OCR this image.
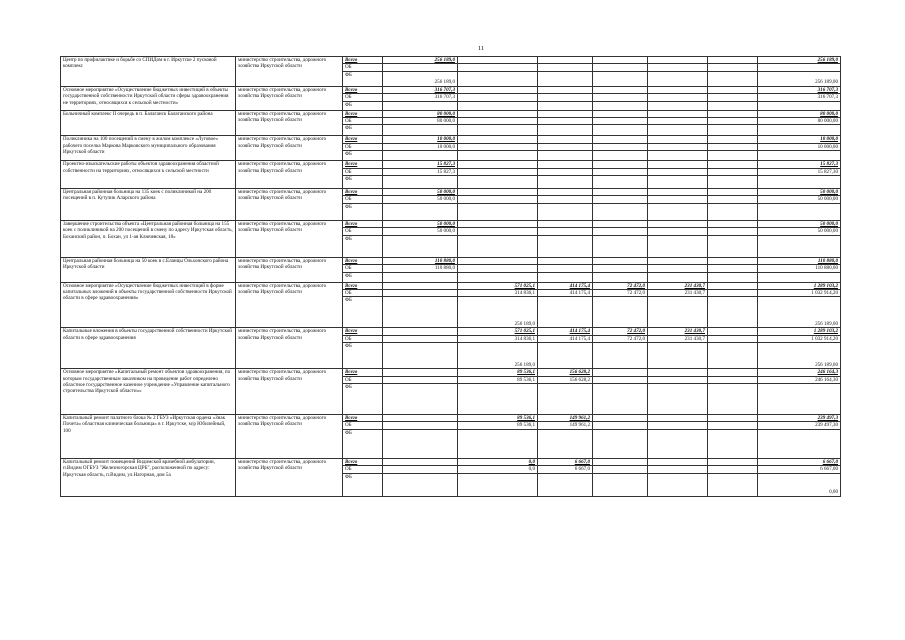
11
Центр по профилактике и борьбе со СПИДом в г. Иркутске 2 пусковой комплекс	министерство строительства, дорожного хозяйства Иркутской области	Всего	256 189,0						256 189,0
		ОБ							
		ФБ	256 189,0						256 189,00
Основное мероприятие «Осуществление бюджетных инвестиций в объекты государственной собственности Иркутской области сферы здравоохранения не территориях, относящихся к сельской местности»	министерство строительства, дорожного хозяйства Иркутской области	Всего	316 707,3						316 707,3
		ОБ	316 707,3						316 707,3
		ФБ							
Больничный комплекс II очередь в п. Балаганск Балаганского района	министерство строительства, дорожного хозяйства Иркутской области	Всего	80 000,0						80 000,0
		ОБ	80 000,0						80 000,00
		ФБ							
Поликлиника на 100 посещений в смену в жилом комплексе «Луговое» рабочего поселка Маркова Марковского муниципального образования Иркутской области	министерство строительства, дорожного хозяйства Иркутской области	Всего	10 000,0						10 000,0
		ОБ	10 000,0						10 000,00
		ФБ							
Проектно-изыскательские работы объектов здравоохранения областной собственности на территориях, относящихся к сельской местности	министерство строительства, дорожного хозяйства Иркутской области	Всего	15 827,3						15 827,3
		ОБ	15 827,3						15 827,30
		ФБ							
Центральная районная больница на 135 коек с поликлиникой на 200 посещений в п. Кутулик Аларского района	министерство строительства, дорожного хозяйства Иркутской области	Всего	50 000,0						50 000,0
		ОБ	50 000,0						50 000,00
		ФБ							
Завершение строительства объекта «Центральная районная больница на 155 коек с поликлиникой на 200 посещений в смену по адресу Иркутская область, Боханский район, п. Бохан, ул 1-ая Ключевская, 18»	министерство строительства, дорожного хозяйства Иркутской области	Всего	50 000,0						50 000,0
		ОБ	50 000,0						50 000,00
		ФБ							
Центральная районная больница на 50 коек в с.Еланцы Ольхонского района Иркутской области	министерство строительства, дорожного хозяйства Иркутской области	Всего	110 880,0						110 880,0
		ОБ	110 880,0						110 880,00
		ФБ							
Основное мероприятие «Осуществление бюджетных инвестиций в форме капитальных вложений в объекты государственной собственности Иркутской области в сфере здравоохранения»	министерство строительства, дорожного хозяйства Иркутской области	Всего		571 025,1	414 175,4	72 472,0	231 430,7		1 289 103,2
		ОБ		314 836,1	414 175,4	72 472,0	231 430,7		1 032 914,20
		ФБ		256 189,0					256 189,00
Капитальные вложения в объекты государственной собственности Иркутской области в сфере здравоохранения	министерство строительства, дорожного хозяйства Иркутской области	Всего		571 025,1	414 175,4	72 472,0	231 430,7		1 289 103,2
		ОБ		314 836,1	414 175,4	72 472,0	231 430,7		1 032 914,20
		ФБ		256 189,0					256 189,00
Основное мероприятие «Капитальный ремонт объектов здравоохранения, по которым государственным заказчиком на проведение работ определено областное государственное казенное учреждение «Управление капитального строительства Иркутской области»»	министерство строительства, дорожного хозяйства Иркутской области	Всего		89 536,1	156 628,2				246 164,3
		ОБ		89 536,1	156 628,2				246 164,30
		ФБ							
Капитальный ремонт палатного блока № 2 ГБУЗ «Иркутская ордена «Знак Почета» областная клиническая больница» в г. Иркутске, м/р Юбилейный, 100	министерство строительства, дорожного хозяйства Иркутской области	Всего		89 536,1	149 961,2				239 497,3
		ОБ		89 536,1	149 961,2				239 497,30
		ФБ							
Капитальный ремонт помещений Видимской врачебной амбулатории, п.Видим ОГБУЗ "Железногорская ЦРБ", расположенной по адресу: Иркутская область, п.Видим, ул.Нагорная, дом 5а	министерство строительства, дорожного хозяйства Иркутской области	Всего		0,0	6 667,0				6 667,0
		ОБ		0,0	6 667,0				6 667,00
		ФБ							0,00
